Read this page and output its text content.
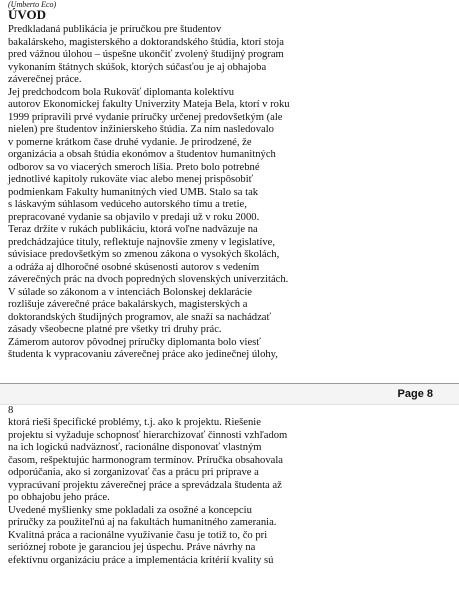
(Umberto Eco)
ÚVOD
Predkladaná publikácia je príručkou pre študentov
bakalárskeho, magisterského a doktorandského štúdia, ktorí stoja
pred vážnou úlohou – úspešne ukončiť zvolený študijný program
vykonaním štátnych skúšok, ktorých súčasťou je aj obhajoba
záverečnej práce.
Jej predchodcom bola Rukoväť diplomanta kolektívu
autorov Ekonomickej fakulty Univerzity Mateja Bela, ktorí v roku
1999 pripravili prvé vydanie príručky určenej predovšetkým (ale
nielen) pre študentov inžinierskeho štúdia. Za ním nasledovalo
v pomerne krátkom čase druhé vydanie. Je prirodzené, že
organizácia a obsah štúdia ekonómov a študentov humanitných
odborov sa vo viacerých smeroch líšia. Preto bolo potrebné
jednotlivé kapitoly rukoväte viac alebo menej prispôsobiť
podmienkam Fakulty humanitných vied UMB. Stalo sa tak
s láskavým súhlasom vedúceho autorského tímu a tretie,
prepracované vydanie sa objavilo v predaji už v roku 2000.
Teraz držíte v rukách publikáciu, ktorá voľne nadväzuje na
predchádzajúce tituly, reflektuje najnovšie zmeny v legislatíve,
súvisiace predovšetkým so zmenou zákona o vysokých školách,
a odráža aj dlhoročné osobné skúsenosti autorov s vedením
záverečných prác na dvoch popredných slovenských univerzitách.
V súlade so zákonom a v intenciách Bolonskej deklarácie
rozlišuje záverečné práce bakalárskych, magisterských a
doktorandských študijných programov, ale snaží sa nachádzať
zásady všeobecne platné pre všetky tri druhy prác.
Zámerom autorov pôvodnej príručky diplomanta bolo viesť
študenta k vypracovaniu záverečnej práce ako jedinečnej úlohy,
Page 8
8
ktorá rieši špecifické problémy, t.j. ako k projektu. Riešenie
projektu si vyžaduje schopnosť hierarchizovať činnosti vzhľadom
na ich logickú nadväznosť, racionálne disponovať vlastným
časom, rešpektujúc harmonogram termínov. Príručka obsahovala
odporúčania, ako si zorganizovať čas a prácu pri príprave a
vypracúvaní projektu záverečnej práce a sprevádzala študenta až
po obhajobu jeho práce.
Uvedené myšlienky sme pokladali za osožné a koncepciu
príručky za použiteľnú aj na fakultách humanitného zamerania.
Kvalitná práca a racionálne využívanie času je totiž to, čo pri
serióznej robote je garanciou jej úspechu. Práve návrhy na
efektívnu organizáciu práce a implementácia kritérií kvality sú
